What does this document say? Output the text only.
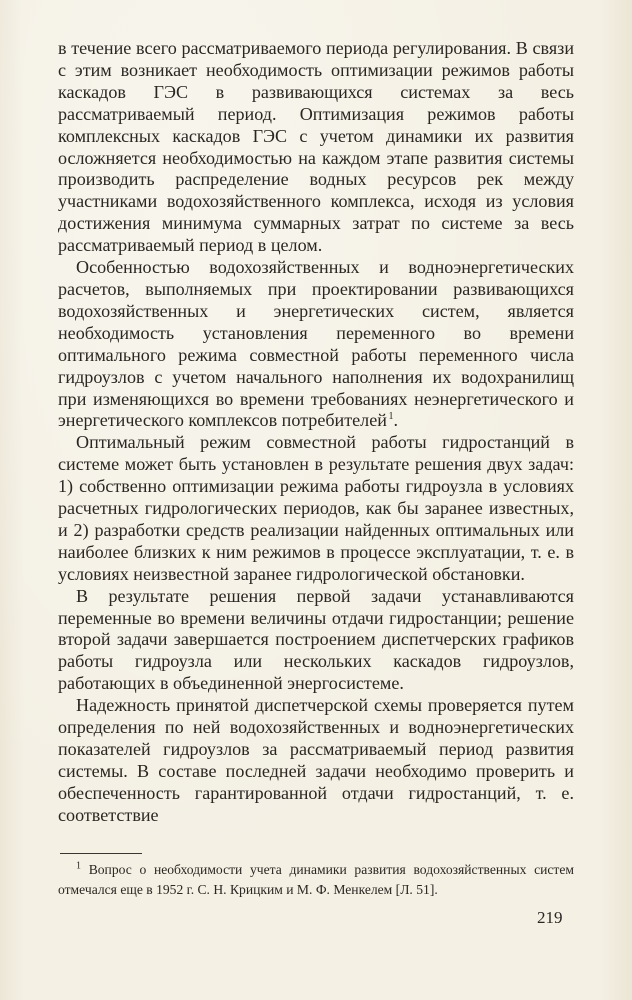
в течение всего рассматриваемого периода регулирования. В связи с этим возникает необходимость оптимизации режимов работы каскадов ГЭС в развивающихся системах за весь рассматриваемый период. Оптимизация режимов работы комплексных каскадов ГЭС с учетом динамики их развития осложняется необходимостью на каждом этапе развития системы производить распределение водных ресурсов рек между участниками водохозяйственного комплекса, исходя из условия достижения минимума суммарных затрат по системе за весь рассматриваемый период в целом.

Особенностью водохозяйственных и водноэнергетических расчетов, выполняемых при проектировании развивающихся водохозяйственных и энергетических систем, является необходимость установления переменного во времени оптимального режима совместной работы переменного числа гидроузлов с учетом начального наполнения их водохранилищ при изменяющихся во времени требованиях неэнергетического и энергетического комплексов потребителей  $^1$.

Оптимальный режим совместной работы гидростанций в системе может быть установлен в результате решения двух задач: 1) собственно оптимизации режима работы гидроузла в условиях расчетных гидрологических периодов, как бы заранее известных, и 2) разработки средств реализации найденных оптимальных или наиболее близких к ним режимов в процессе эксплуатации, т. е. в условиях неизвестной заранее гидрологической обстановки.

В результате решения первой задачи устанавливаются переменные во времени величины отдачи гидростанции; решение второй задачи завершается построением диспетчерских графиков работы гидроузла или нескольких каскадов гидроузлов, работающих в объединенной энергосистеме.

Надежность принятой диспетчерской схемы проверяется путем определения по ней водохозяйственных и водноэнергетических показателей гидроузлов за рассматриваемый период развития системы. В составе последней задачи необходимо проверить и обеспеченность гарантированной отдачи гидростанций, т. е. соответствие

$^1$ Вопрос о необходимости учета динамики развития водохозяйственных систем отмечался еще в 1952 г. С. Н. Крицким и М. Ф. Менкелем [Л. 51].

219
